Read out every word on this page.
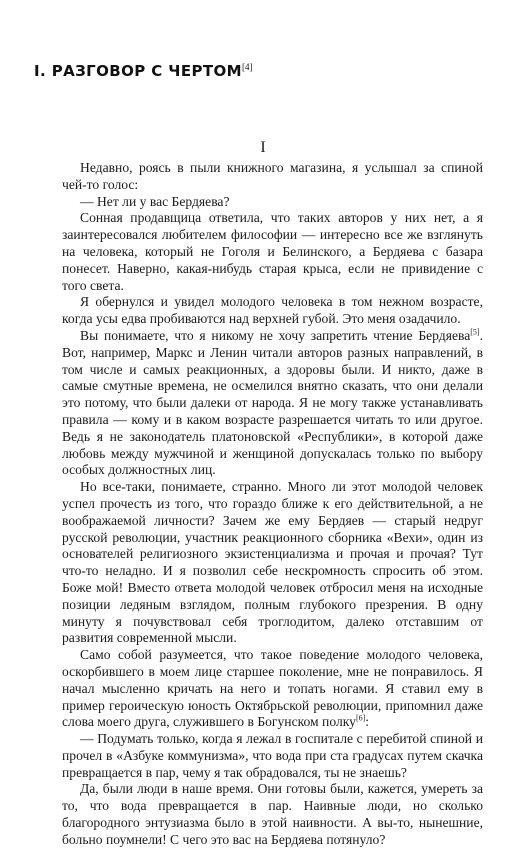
I. РАЗГОВОР С ЧЕРТОМ[4]
I

Недавно, роясь в пыли книжного магазина, я услышал за спиной чей-то голос:

— Нет ли у вас Бердяева?

Сонная продавщица ответила, что таких авторов у них нет, а я заинтересовался любителем философии — интересно все же взглянуть на человека, который не Гоголя и Белинского, а Бердяева с базара понесет. Наверно, какая-нибудь старая крыса, если не привидение с того света.

Я обернулся и увидел молодого человека в том нежном возрасте, когда усы едва пробиваются над верхней губой. Это меня озадачило.

Вы понимаете, что я никому не хочу запретить чтение Бердяева[5]. Вот, например, Маркс и Ленин читали авторов разных направлений, в том числе и самых реакционных, а здоровы были. И никто, даже в самые смутные времена, не осмелился внятно сказать, что они делали это потому, что были далеки от народа. Я не могу также устанавливать правила — кому и в каком возрасте разрешается читать то или другое. Ведь я не законодатель платоновской «Республики», в которой даже любовь между мужчиной и женщиной допускалась только по выбору особых должностных лиц.

Но все-таки, понимаете, странно. Много ли этот молодой человек успел прочесть из того, что гораздо ближе к его действительной, а не воображаемой личности? Зачем же ему Бердяев — старый недруг русской революции, участник реакционного сборника «Вехи», один из основателей религиозного экзистенциализма и прочая и прочая? Тут что-то неладно. И я позволил себе нескромность спросить об этом. Боже мой! Вместо ответа молодой человек отбросил меня на исходные позиции ледяным взглядом, полным глубокого презрения. В одну минуту я почувствовал себя троглодитом, далеко отставшим от развития современной мысли.

Само собой разумеется, что такое поведение молодого человека, оскорбившего в моем лице старшее поколение, мне не понравилось. Я начал мысленно кричать на него и топать ногами. Я ставил ему в пример героическую юность Октябрьской революции, припомнил даже слова моего друга, служившего в Богунском полку[6]:

— Подумать только, когда я лежал в госпитале с перебитой спиной и прочел в «Азбуке коммунизма», что вода при ста градусах путем скачка превращается в пар, чему я так обрадовался, ты не знаешь?

Да, были люди в наше время. Они готовы были, кажется, умереть за то, что вода превращается в пар. Наивные люди, но сколько благородного энтузиазма было в этой наивности. А вы-то, нынешние, больно поумнели! С чего это вас на Бердяева потянуло?
